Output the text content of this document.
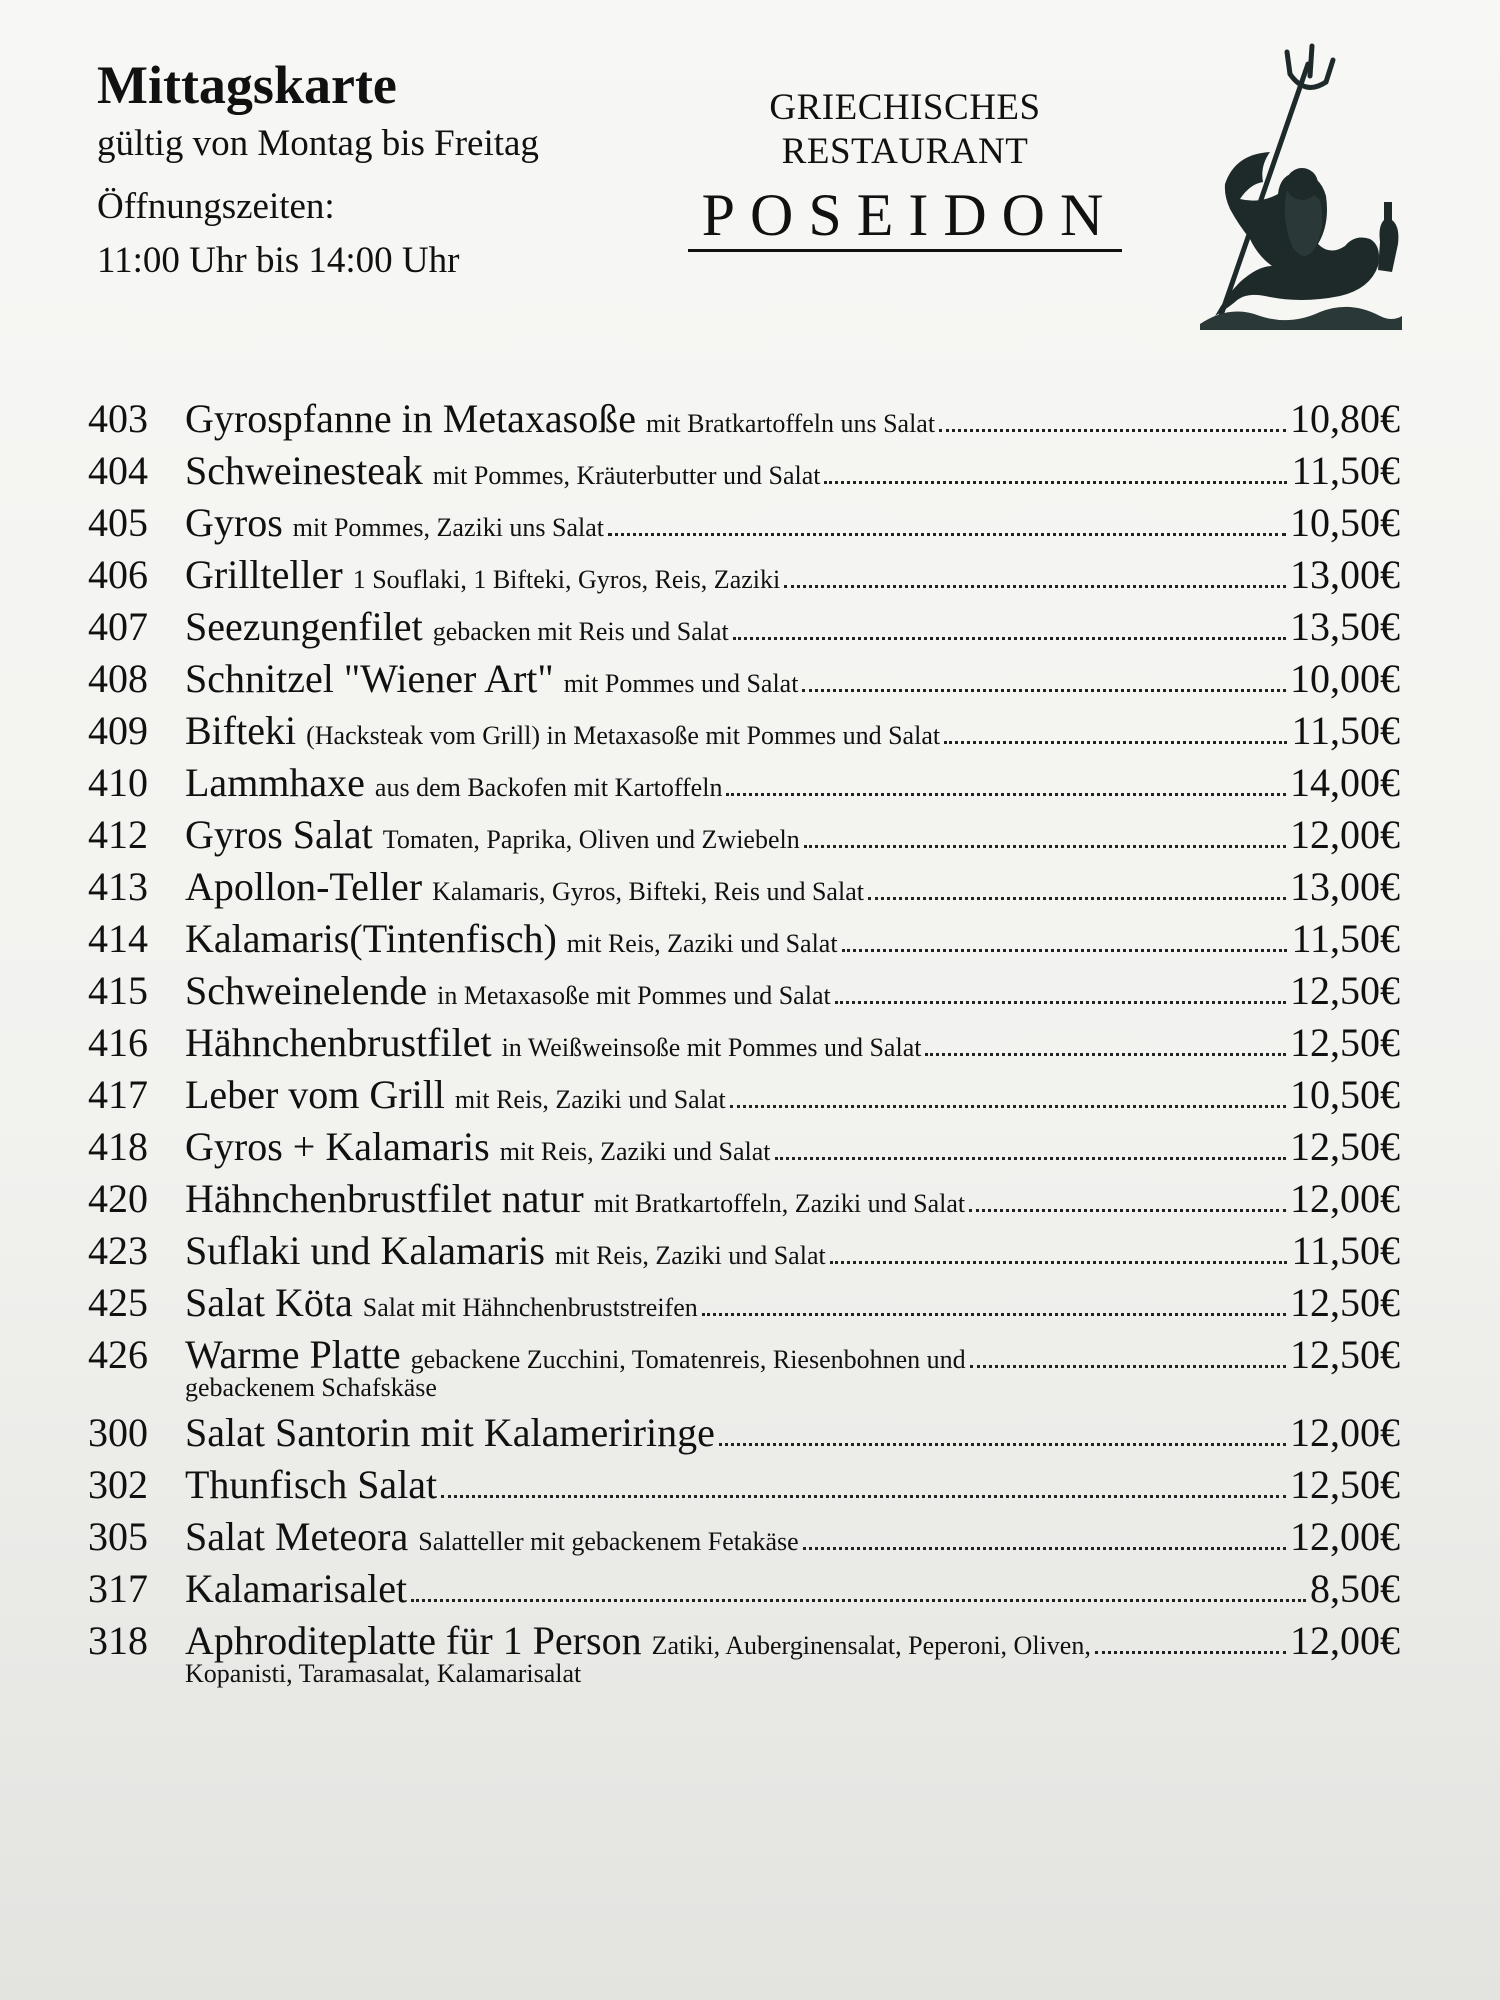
Mittagskarte
gültig von Montag bis Freitag
Öffnungszeiten:
11:00 Uhr bis 14:00 Uhr
GRIECHISCHES
RESTAURANT
POSEIDON
403 Gyrospfanne in Metaxasoße mit Bratkartoffeln uns Salat	10,80€
404 Schweinesteak mit Pommes, Kräuterbutter und Salat	11,50€
405 Gyros mit Pommes, Zaziki uns Salat	10,50€
406 Grillteller 1 Souflaki, 1 Bifteki, Gyros, Reis, Zaziki	13,00€
407 Seezungenfilet gebacken mit Reis und Salat	13,50€
408 Schnitzel "Wiener Art" mit Pommes und Salat	10,00€
409 Bifteki (Hacksteak vom Grill) in Metaxasoße mit Pommes und Salat	11,50€
410 Lammhaxe aus dem Backofen mit Kartoffeln	14,00€
412 Gyros Salat Tomaten, Paprika, Oliven und Zwiebeln	12,00€
413 Apollon-Teller Kalamaris, Gyros, Bifteki, Reis und Salat	13,00€
414 Kalamaris(Tintenfisch) mit Reis, Zaziki und Salat	11,50€
415 Schweinelende in Metaxasoße mit Pommes und Salat	12,50€
416 Hähnchenbrustfilet in Weißweinsoße mit Pommes und Salat	12,50€
417 Leber vom Grill mit Reis, Zaziki und Salat	10,50€
418 Gyros + Kalamaris mit Reis, Zaziki und Salat	12,50€
420 Hähnchenbrustfilet natur mit Bratkartoffeln, Zaziki und Salat	12,00€
423 Suflaki und Kalamaris mit Reis, Zaziki und Salat	11,50€
425 Salat Köta Salat mit Hähnchenbruststreifen	12,50€
426 Warme Platte gebackene Zucchini, Tomatenreis, Riesenbohnen und	12,50€
gebackenem Schafskäse
300 Salat Santorin mit Kalameriringe	12,00€
302 Thunfisch Salat	12,50€
305 Salat Meteora Salatteller mit gebackenem Fetakäse	12,00€
317 Kalamarisalet	8,50€
318 Aphroditeplatte für 1 Person Zatiki, Auberginensalat, Peperoni, Oliven,	12,00€
Kopanisti, Taramasalat, Kalamarisalat
